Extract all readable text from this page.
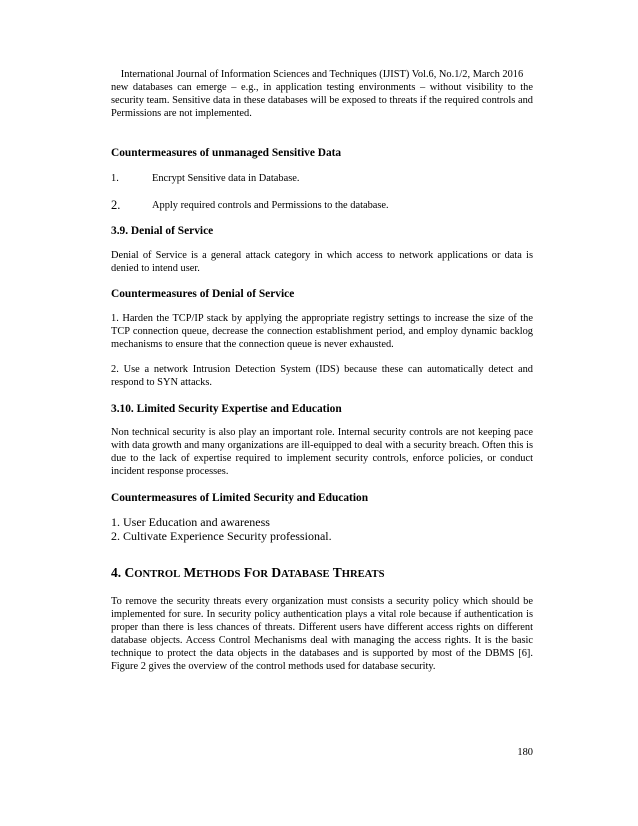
International Journal of Information Sciences and Techniques (IJIST) Vol.6, No.1/2, March 2016

new databases can emerge – e.g., in application testing environments – without visibility to the security team. Sensitive data in these databases will be exposed to threats if the required controls and Permissions are not implemented.

Countermeasures of unmanaged Sensitive Data
1.	Encrypt Sensitive data in Database.
2.	Apply required controls and Permissions to the database.
3.9. Denial of Service

Denial of Service is a general attack category in which access to network applications or data is denied to intend user.

Countermeasures of Denial of Service

1. Harden the TCP/IP stack by applying the appropriate registry settings to increase the size of the TCP connection queue, decrease the connection establishment period, and employ dynamic backlog mechanisms to ensure that the connection queue is never exhausted.

2. Use a network Intrusion Detection System (IDS) because these can automatically detect and respond to SYN attacks.

3.10. Limited Security Expertise and Education

Non technical security is also play an important role. Internal security controls are not keeping pace with data growth and many organizations are ill-equipped to deal with a security breach. Often this is due to the lack of expertise required to implement security controls, enforce policies, or conduct incident response processes.

Countermeasures of Limited Security and Education

1. User Education and awareness

2. Cultivate Experience Security professional.

4. CONTROL METHODS FOR DATABASE THREATS

To remove the security threats every organization must consists a security policy which should be implemented for sure. In security policy authentication plays a vital role because if authentication is proper than there is less chances of threats. Different users have different access rights on different database objects. Access Control Mechanisms deal with managing the access rights. It is the basic technique to protect the data objects in the databases and is supported by most of the DBMS [6]. Figure 2 gives the overview of the control methods used for database security.

180
